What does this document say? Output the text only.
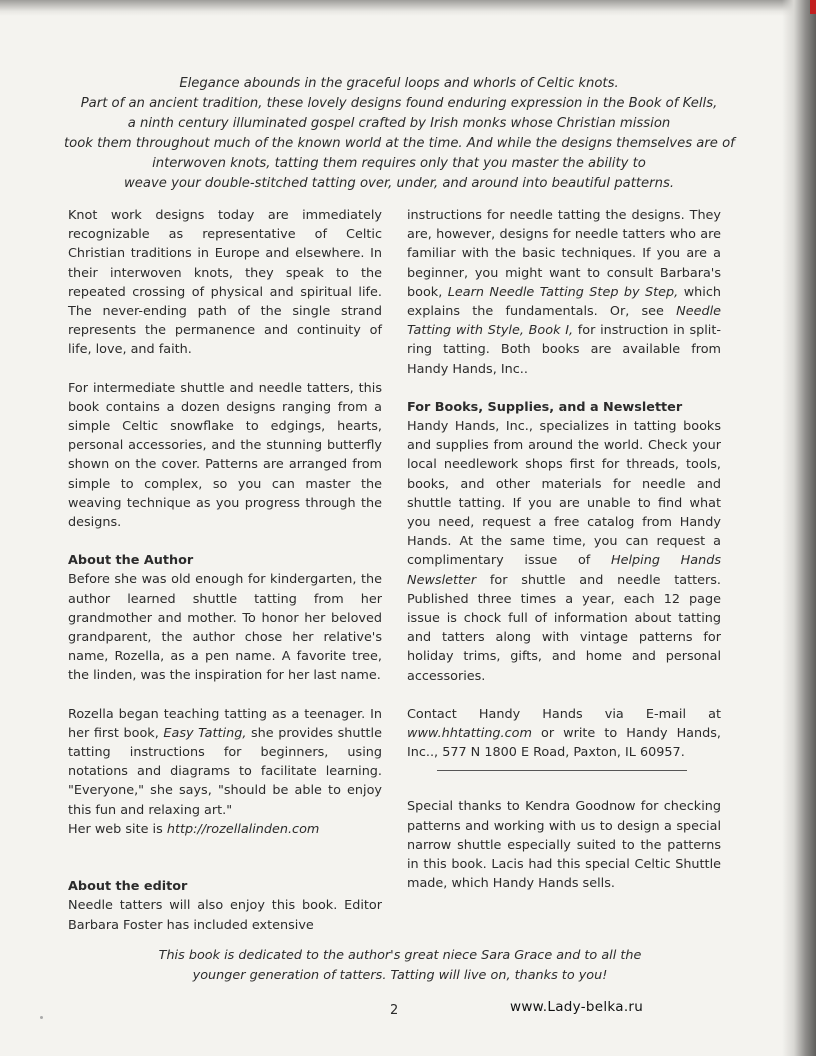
Elegance abounds in the graceful loops and whorls of Celtic knots.
Part of an ancient tradition, these lovely designs found enduring expression in the Book of Kells,
a ninth century illuminated gospel crafted by Irish monks whose Christian mission
took them throughout much of the known world at the time. And while the designs themselves are of
interwoven knots, tatting them requires only that you master the ability to
weave your double-stitched tatting over, under, and around into beautiful patterns.

Knot work designs today are immediately recognizable as representative of Celtic Christian traditions in Europe and elsewhere. In their interwoven knots, they speak to the repeated crossing of physical and spiritual life. The never-ending path of the single strand represents the permanence and continuity of life, love, and faith.

For intermediate shuttle and needle tatters, this book contains a dozen designs ranging from a simple Celtic snowflake to edgings, hearts, personal accessories, and the stunning butterfly shown on the cover. Patterns are arranged from simple to complex, so you can master the weaving technique as you progress through the designs.

About the Author

Before she was old enough for kindergarten, the author learned shuttle tatting from her grandmother and mother. To honor her beloved grandparent, the author chose her relative's name, Rozella, as a pen name. A favorite tree, the linden, was the inspiration for her last name.

Rozella began teaching tatting as a teenager. In her first book, Easy Tatting, she provides shuttle tatting instructions for beginners, using notations and diagrams to facilitate learning. "Everyone," she says, "should be able to enjoy this fun and relaxing art."

Her web site is http://rozellalinden.com

About the editor

Needle tatters will also enjoy this book. Editor Barbara Foster has included extensive

instructions for needle tatting the designs. They are, however, designs for needle tatters who are familiar with the basic techniques. If you are a beginner, you might want to consult Barbara's book, Learn Needle Tatting Step by Step, which explains the fundamentals. Or, see Needle Tatting with Style, Book I, for instruction in split-ring tatting. Both books are available from Handy Hands, Inc..

For Books, Supplies, and a Newsletter

Handy Hands, Inc., specializes in tatting books and supplies from around the world. Check your local needlework shops first for threads, tools, books, and other materials for needle and shuttle tatting. If you are unable to find what you need, request a free catalog from Handy Hands. At the same time, you can request a complimentary issue of Helping Hands Newsletter for shuttle and needle tatters. Published three times a year, each 12 page issue is chock full of information about tatting and tatters along with vintage patterns for holiday trims, gifts, and home and personal accessories.

Contact Handy Hands via E-mail at www.hhtatting.com or write to Handy Hands, Inc.., 577 N 1800 E Road, Paxton, IL 60957.

Special thanks to Kendra Goodnow for checking patterns and working with us to design a special narrow shuttle especially suited to the patterns in this book. Lacis had this special Celtic Shuttle made, which Handy Hands sells.

This book is dedicated to the author's great niece Sara Grace and to all the
younger generation of tatters. Tatting will live on, thanks to you!
2	www.Lady-belka.ru
